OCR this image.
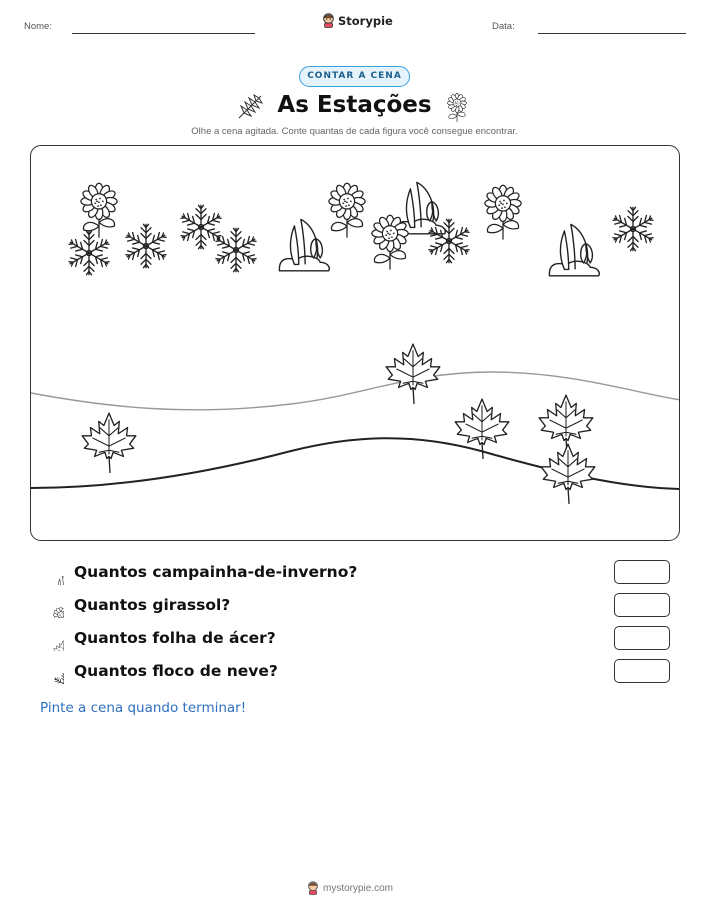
Nome:	Storypie	Data:
CONTAR A CENA
As Estações
Olhe a cena agitada. Conte quantas de cada figura você consegue encontrar.
Quantos campainha-de-inverno?
Quantos girassol?
Quantos folha de ácer?
Quantos floco de neve?
Pinte a cena quando terminar!
mystorypie.com
